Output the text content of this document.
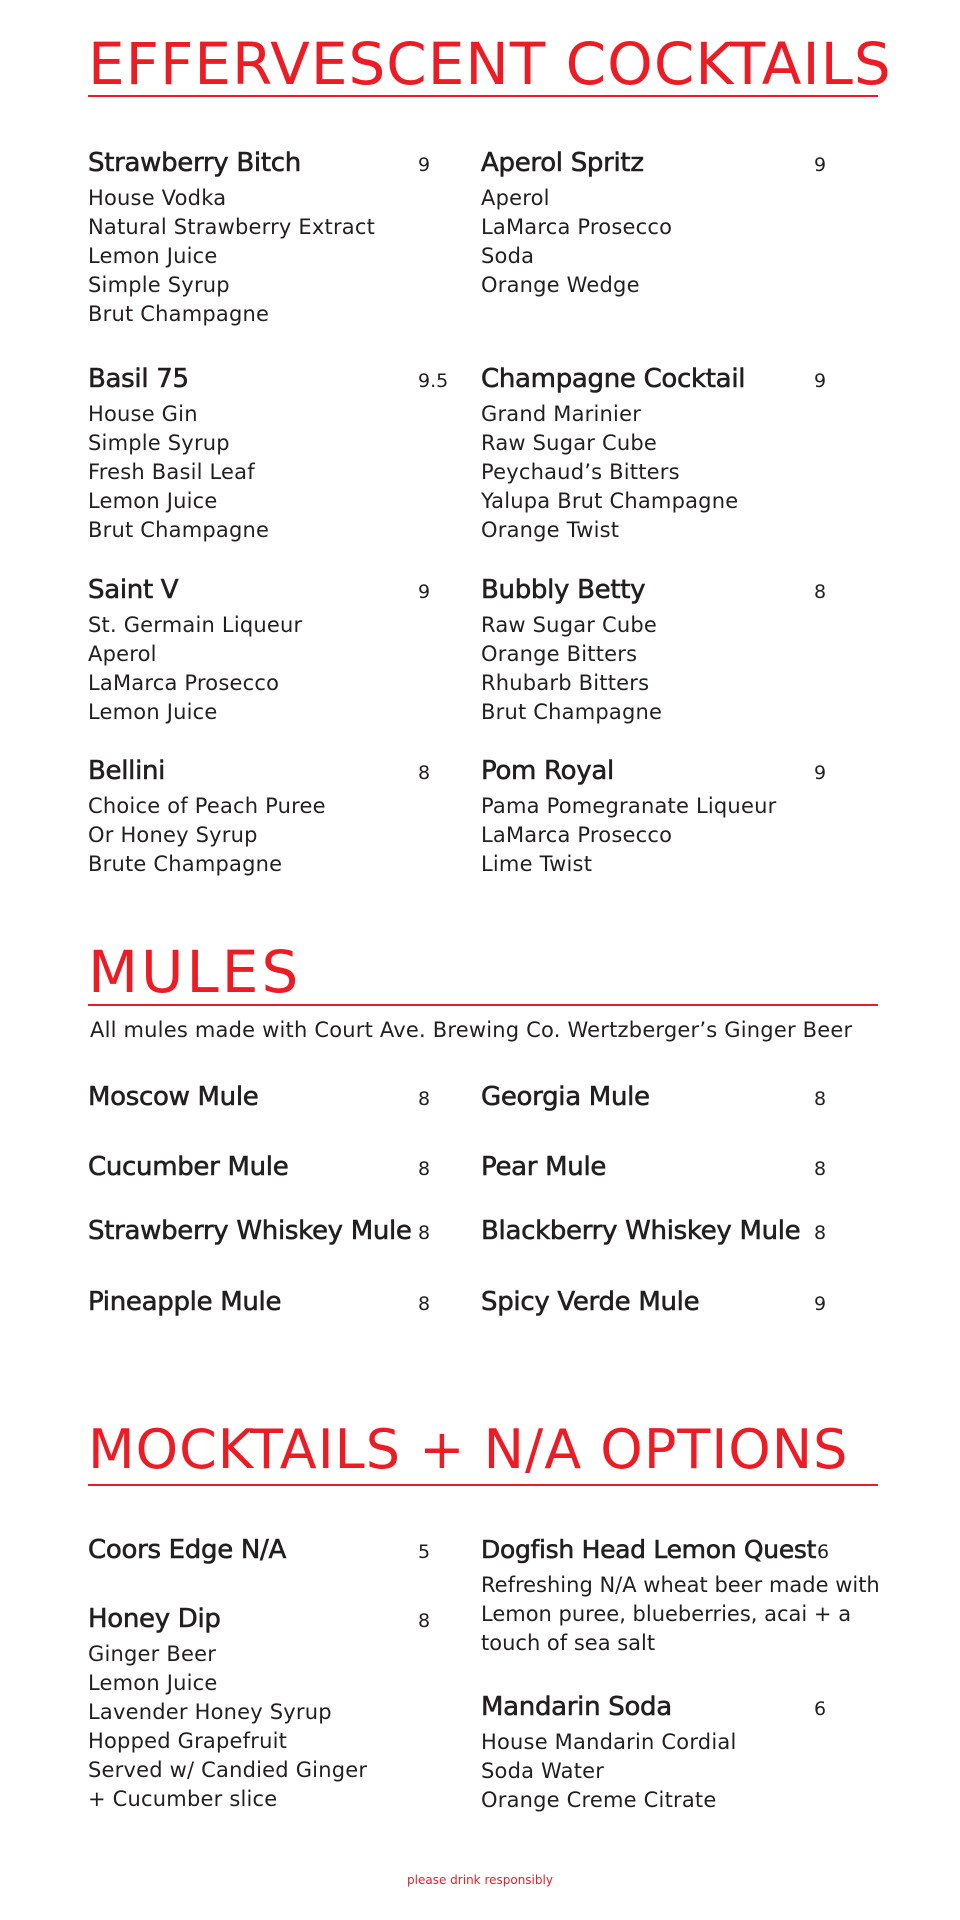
EFFERVESCENT COCKTAILS
Strawberry Bitch	9
House Vodka
Natural Strawberry Extract
Lemon Juice
Simple Syrup
Brut Champagne
Basil 75	9.5
House Gin
Simple Syrup
Fresh Basil Leaf
Lemon Juice
Brut Champagne
Saint V	9
St. Germain Liqueur
Aperol
LaMarca Prosecco
Lemon Juice
Bellini	8
Choice of Peach Puree
Or Honey Syrup
Brute Champagne
Aperol Spritz	9
Aperol
LaMarca Prosecco
Soda
Orange Wedge
Champagne Cocktail	9
Grand Marinier
Raw Sugar Cube
Peychaud’s Bitters
Yalupa Brut Champagne
Orange Twist
Bubbly Betty	8
Raw Sugar Cube
Orange Bitters
Rhubarb Bitters
Brut Champagne
Pom Royal	9
Pama Pomegranate Liqueur
LaMarca Prosecco
Lime Twist
MULES
All mules made with Court Ave. Brewing Co. Wertzberger’s Ginger Beer
Moscow Mule	8
Cucumber Mule	8
Strawberry Whiskey Mule 8
Pineapple Mule	8
Georgia Mule	8
Pear Mule	8
Blackberry Whiskey Mule 8
Spicy Verde Mule	9
MOCKTAILS + N/A OPTIONS
Coors Edge N/A	5
Honey Dip	8
Ginger Beer
Lemon Juice
Lavender Honey Syrup
Hopped Grapefruit
Served w/ Candied Ginger
+ Cucumber slice
Dogfish Head Lemon Quest 6

Refreshing N/A wheat beer made with Lemon puree, blueberries, acai + a touch of sea salt

Mandarin Soda	6
House Mandarin Cordial
Soda Water
Orange Creme Citrate
please drink responsibly
